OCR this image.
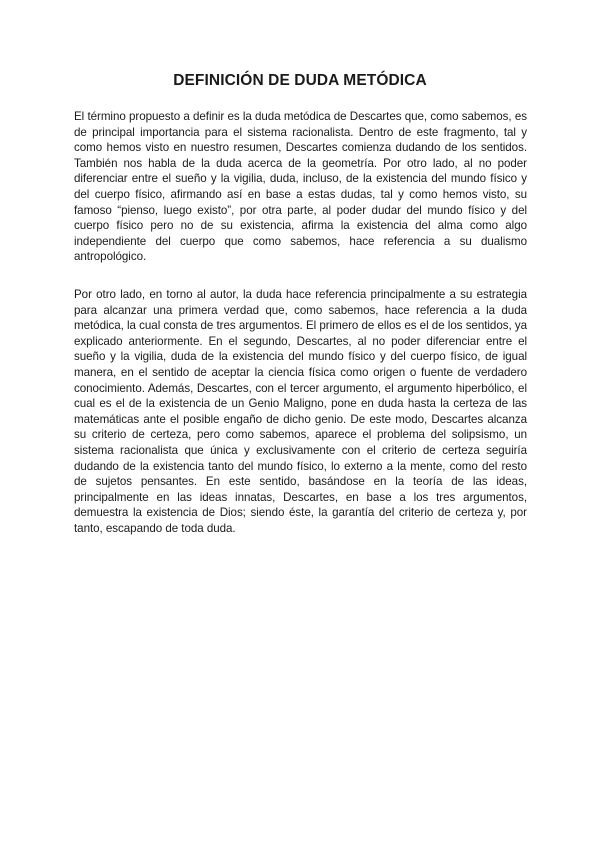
DEFINICIÓN DE DUDA METÓDICA

El término propuesto a definir es la duda metódica de Descartes que, como sabemos, es de principal importancia para el sistema racionalista. Dentro de este fragmento, tal y como hemos visto en nuestro resumen, Descartes comienza dudando de los sentidos. También nos habla de la duda acerca de la geometría. Por otro lado, al no poder diferenciar entre el sueño y la vigilia, duda, incluso, de la existencia del mundo físico y del cuerpo físico, afirmando así en base a estas dudas, tal y como hemos visto, su famoso “pienso, luego existo”, por otra parte, al poder dudar del mundo físico y del cuerpo físico pero no de su existencia, afirma la existencia del alma como algo independiente del cuerpo que como sabemos, hace referencia a su dualismo antropológico.

Por otro lado, en torno al autor, la duda hace referencia principalmente a su estrategia para alcanzar una primera verdad que, como sabemos, hace referencia a la duda metódica, la cual consta de tres argumentos. El primero de ellos es el de los sentidos, ya explicado anteriormente. En el segundo, Descartes, al no poder diferenciar entre el sueño y la vigilia, duda de la existencia del mundo físico y del cuerpo físico, de igual manera, en el sentido de aceptar la ciencia física como origen o fuente de verdadero conocimiento. Además, Descartes, con el tercer argumento, el argumento hiperbólico, el cual es el de la existencia de un Genio Maligno, pone en duda hasta la certeza de las matemáticas ante el posible engaño de dicho genio. De este modo, Descartes alcanza su criterio de certeza, pero como sabemos, aparece el problema del solipsismo, un sistema racionalista que única y exclusivamente con el criterio de certeza seguiría dudando de la existencia tanto del mundo físico, lo externo a la mente, como del resto de sujetos pensantes. En este sentido, basándose en la teoría de las ideas, principalmente en las ideas innatas, Descartes, en base a los tres argumentos, demuestra la existencia de Dios; siendo éste, la garantía del criterio de certeza y, por tanto, escapando de toda duda.
